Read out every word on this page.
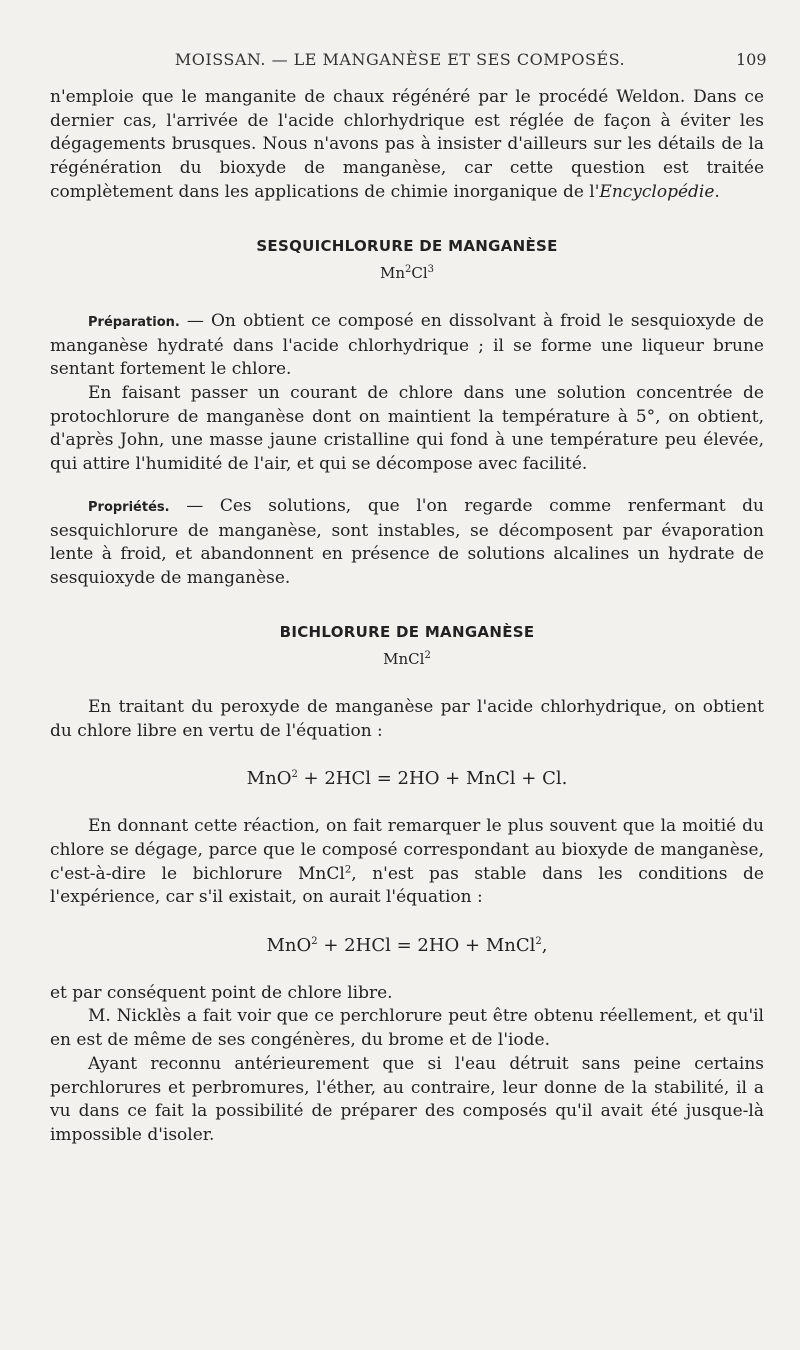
MOISSAN. — LE MANGANÈSE ET SES COMPOSÉS.	109

n'emploie que le manganite de chaux régénéré par le procédé Weldon. Dans ce dernier cas, l'arrivée de l'acide chlorhydrique est réglée de façon à éviter les dégagements brusques. Nous n'avons pas à insister d'ailleurs sur les détails de la régénération du bioxyde de manganèse, car cette question est traitée complètement dans les applications de chimie inorganique de l'Encyclopédie.

SESQUICHLORURE DE MANGANÈSE
Mn$^2$Cl$^3$

Préparation. — On obtient ce composé en dissolvant à froid le sesquioxyde de manganèse hydraté dans l'acide chlorhydrique ; il se forme une liqueur brune sentant fortement le chlore.

En faisant passer un courant de chlore dans une solution concentrée de protochlorure de manganèse dont on maintient la température à 5°, on obtient, d'après John, une masse jaune cristalline qui fond à une température peu élevée, qui attire l'humidité de l'air, et qui se décompose avec facilité.

Propriétés. — Ces solutions, que l'on regarde comme renfermant du sesquichlorure de manganèse, sont instables, se décomposent par évaporation lente à froid, et abandonnent en présence de solutions alcalines un hydrate de sesquioxyde de manganèse.

BICHLORURE DE MANGANÈSE
MnCl$^2$

En traitant du peroxyde de manganèse par l'acide chlorhydrique, on obtient du chlore libre en vertu de l'équation :

MnO$^2$ + 2HCl = 2HO + MnCl + Cl.

En donnant cette réaction, on fait remarquer le plus souvent que la moitié du chlore se dégage, parce que le composé correspondant au bioxyde de manganèse, c'est-à-dire le bichlorure MnCl$^2$, n'est pas stable dans les conditions de l'expérience, car s'il existait, on aurait l'équation :

MnO$^2$ + 2HCl = 2HO + MnCl$^2$,

et par conséquent point de chlore libre.

M. Nicklès a fait voir que ce perchlorure peut être obtenu réellement, et qu'il en est de même de ses congénères, du brome et de l'iode.

Ayant reconnu antérieurement que si l'eau détruit sans peine certains perchlorures et perbromures, l'éther, au contraire, leur donne de la stabilité, il a vu dans ce fait la possibilité de préparer des composés qu'il avait été jusque-là impossible d'isoler.
